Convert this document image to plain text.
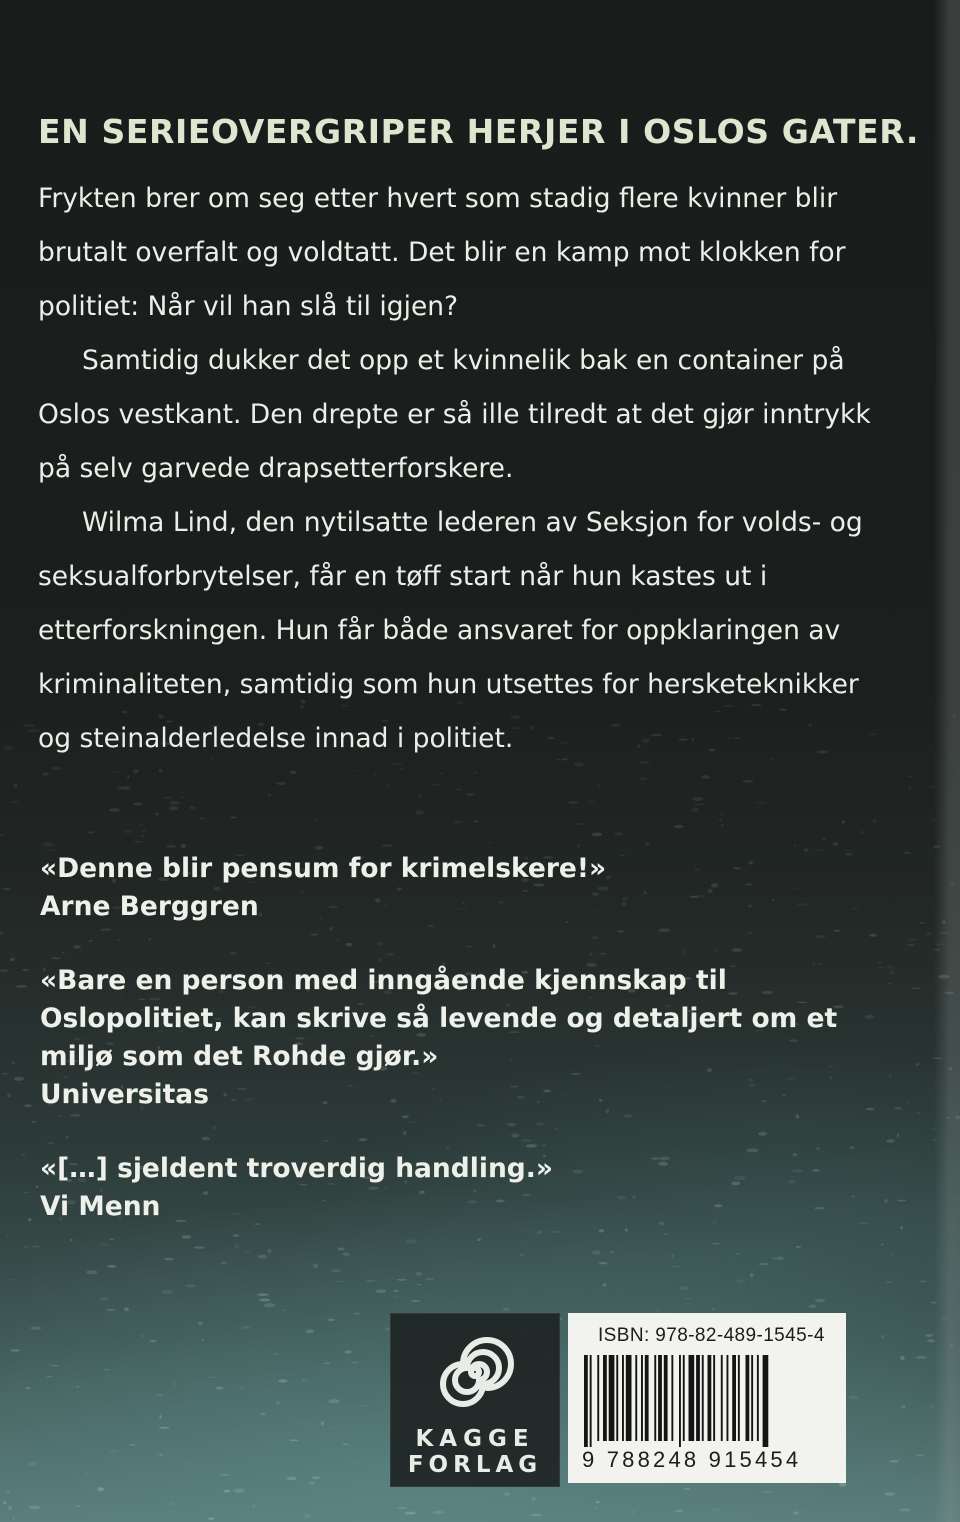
EN SERIEOVERGRIPER HERJER I OSLOS GATER.

Frykten brer om seg etter hvert som stadig flere kvinner blir brutalt overfalt og voldtatt. Det blir en kamp mot klokken for politiet: Når vil han slå til igjen?

Samtidig dukker det opp et kvinnelik bak en container på Oslos vestkant. Den drepte er så ille tilredt at det gjør inntrykk på selv garvede drapsetterforskere.

Wilma Lind, den nytilsatte lederen av Seksjon for volds- og seksualforbrytelser, får en tøff start når hun kastes ut i etterforskningen. Hun får både ansvaret for oppklaringen av kriminaliteten, samtidig som hun utsettes for hersketeknikker og steinalderledelse innad i politiet.

«Denne blir pensum for krimelskere!»
Arne Berggren
«Bare en person med inngående kjennskap til Oslopolitiet, kan skrive så levende og detaljert om et miljø som det Rohde gjør.»
Universitas
«[…] sjeldent troverdig handling.»
Vi Menn
KAGGE
FORLAG

ISBN: 978-82-489-1545-4

9 788248 915454
